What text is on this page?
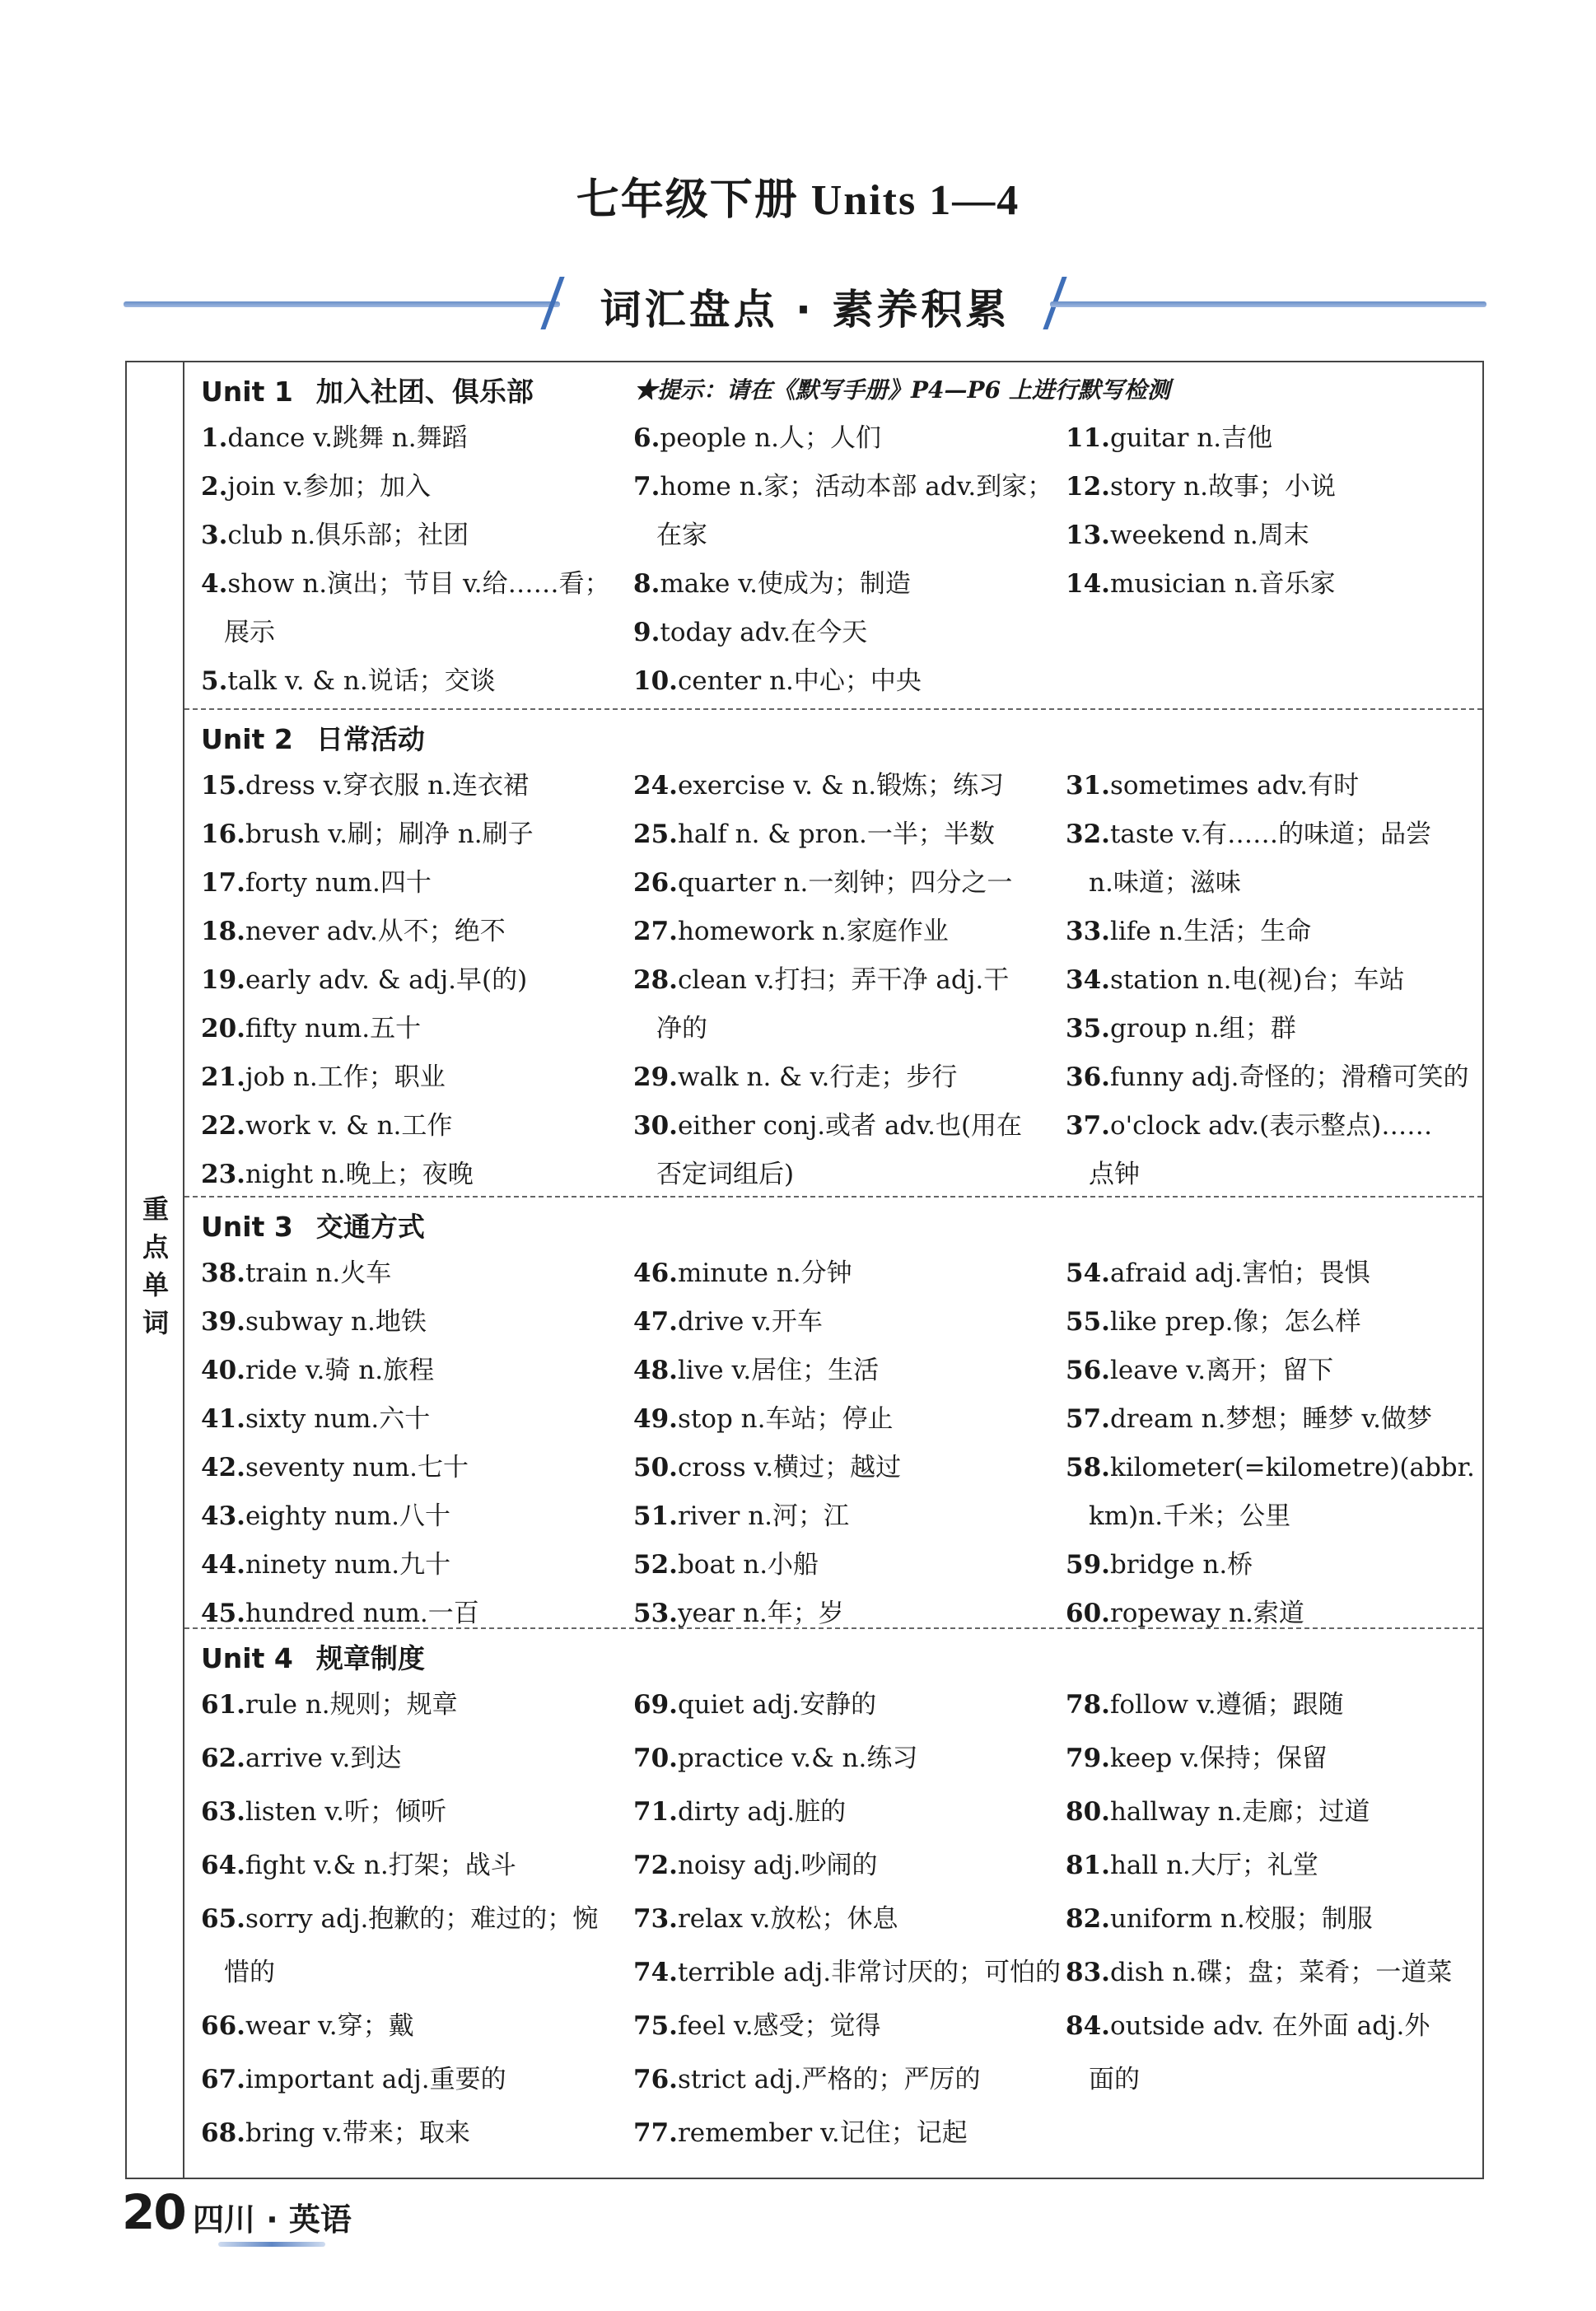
七年级下册 Units 1—4
词汇盘点 · 素养积累
重点单词
★提示：请在《默写手册》P4—P6 上进行默写检测
Unit 1 加入社团、俱乐部
1.dance v.跳舞 n.舞蹈
2.join v.参加；加入
3.club n.俱乐部；社团
4.show n.演出；节目 v.给……看；
展示
5.talk v. & n.说话；交谈
6.people n.人；人们
7.home n.家；活动本部 adv.到家；
在家
8.make v.使成为；制造
9.today adv.在今天
10.center n.中心；中央
11.guitar n.吉他
12.story n.故事；小说
13.weekend n.周末
14.musician n.音乐家
Unit 2 日常活动
15.dress v.穿衣服 n.连衣裙
16.brush v.刷；刷净 n.刷子
17.forty num.四十
18.never adv.从不；绝不
19.early adv. & adj.早(的)
20.fifty num.五十
21.job n.工作；职业
22.work v. & n.工作
23.night n.晚上；夜晚
24.exercise v. & n.锻炼；练习
25.half n. & pron.一半；半数
26.quarter n.一刻钟；四分之一
27.homework n.家庭作业
28.clean v.打扫；弄干净 adj.干
净的
29.walk n. & v.行走；步行
30.either conj.或者 adv.也(用在
否定词组后)
31.sometimes adv.有时
32.taste v.有……的味道；品尝
n.味道；滋味
33.life n.生活；生命
34.station n.电(视)台；车站
35.group n.组；群
36.funny adj.奇怪的；滑稽可笑的
37.o'clock adv.(表示整点)……
点钟
Unit 3 交通方式
38.train n.火车
39.subway n.地铁
40.ride v.骑 n.旅程
41.sixty num.六十
42.seventy num.七十
43.eighty num.八十
44.ninety num.九十
45.hundred num.一百
46.minute n.分钟
47.drive v.开车
48.live v.居住；生活
49.stop n.车站；停止
50.cross v.横过；越过
51.river n.河；江
52.boat n.小船
53.year n.年；岁
54.afraid adj.害怕；畏惧
55.like prep.像；怎么样
56.leave v.离开；留下
57.dream n.梦想；睡梦 v.做梦
58.kilometer(=kilometre)(abbr.
km)n.千米；公里
59.bridge n.桥
60.ropeway n.索道
Unit 4 规章制度
61.rule n.规则；规章
62.arrive v.到达
63.listen v.听；倾听
64.fight v.& n.打架；战斗
65.sorry adj.抱歉的；难过的；惋
惜的
66.wear v.穿；戴
67.important adj.重要的
68.bring v.带来；取来
69.quiet adj.安静的
70.practice v.& n.练习
71.dirty adj.脏的
72.noisy adj.吵闹的
73.relax v.放松；休息
74.terrible adj.非常讨厌的；可怕的
75.feel v.感受；觉得
76.strict adj.严格的；严厉的
77.remember v.记住；记起
78.follow v.遵循；跟随
79.keep v.保持；保留
80.hallway n.走廊；过道
81.hall n.大厅；礼堂
82.uniform n.校服；制服
83.dish n.碟；盘；菜肴；一道菜
84.outside adv. 在外面 adj.外
面的
20 四川 · 英语
